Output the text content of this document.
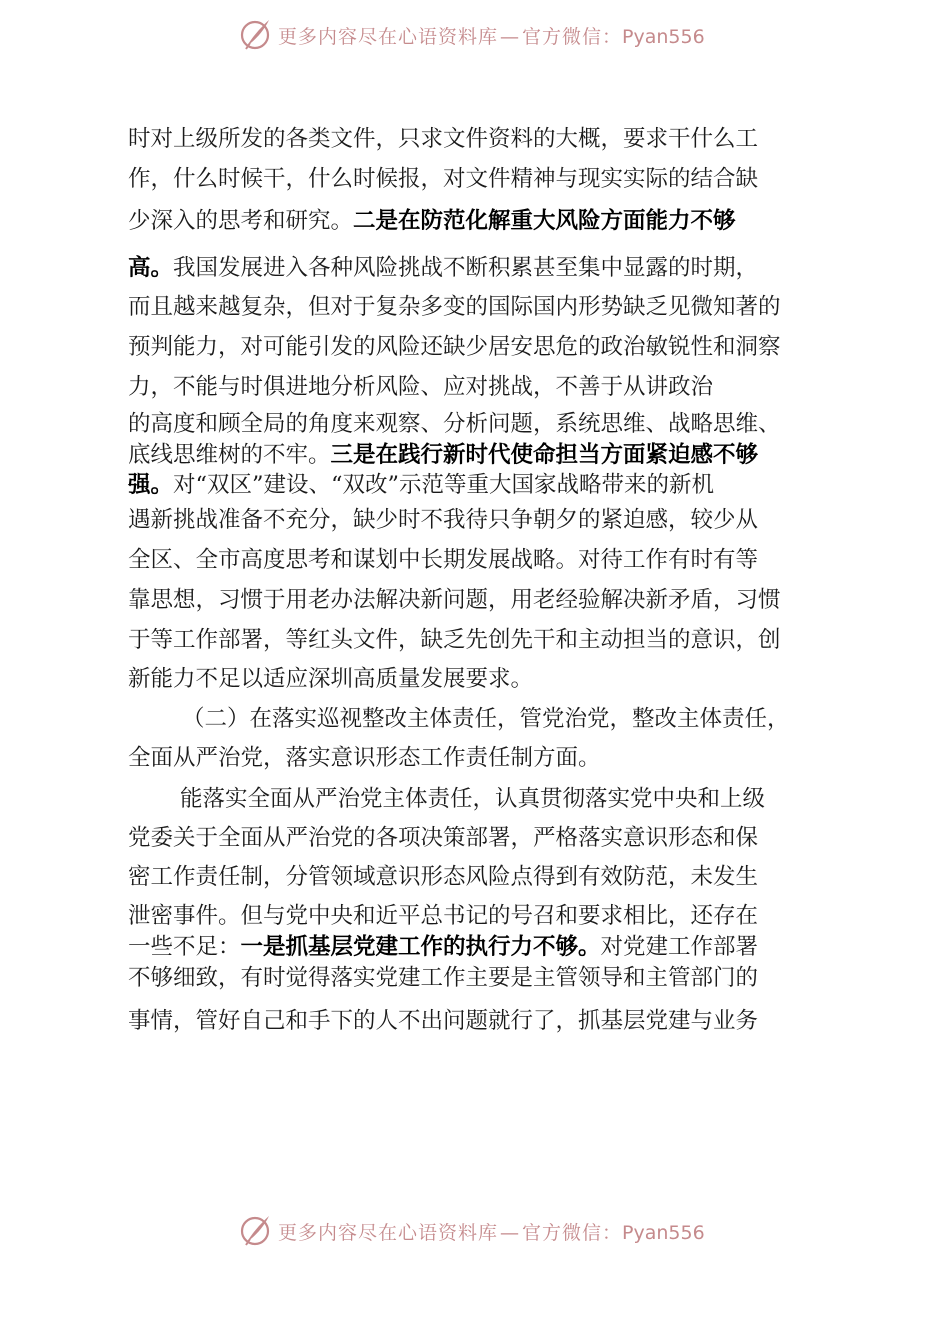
更多内容尽在心语资料库 — 官方微信：Pyan556
时对上级所发的各类文件，只求文件资料的大概，要求干什么工
作，什么时候干，什么时候报，对文件精神与现实实际的结合缺
少深入的思考和研究。二是在防范化解重大风险方面能力不够
高。我国发展进入各种风险挑战不断积累甚至集中显露的时期，
而且越来越复杂，但对于复杂多变的国际国内形势缺乏见微知著的
预判能力，对可能引发的风险还缺少居安思危的政治敏锐性和洞察
力，不能与时俱进地分析风险、应对挑战，不善于从讲政治
的高度和顾全局的角度来观察、分析问题，系统思维、战略思维、
底线思维树的不牢。三是在践行新时代使命担当方面紧迫感不够
强。对“双区”建设、“双改”示范等重大国家战略带来的新机
遇新挑战准备不充分，缺少时不我待只争朝夕的紧迫感，较少从
全区、全市高度思考和谋划中长期发展战略。对待工作有时有等
靠思想，习惯于用老办法解决新问题，用老经验解决新矛盾，习惯
于等工作部署，等红头文件，缺乏先创先干和主动担当的意识，创
新能力不足以适应深圳高质量发展要求。
（二）在落实巡视整改主体责任，管党治党，整改主体责任，
全面从严治党，落实意识形态工作责任制方面。
能落实全面从严治党主体责任，认真贯彻落实党中央和上级
党委关于全面从严治党的各项决策部署，严格落实意识形态和保
密工作责任制，分管领域意识形态风险点得到有效防范，未发生
泄密事件。但与党中央和近平总书记的号召和要求相比，还存在
一些不足：一是抓基层党建工作的执行力不够。对党建工作部署
不够细致，有时觉得落实党建工作主要是主管领导和主管部门的
事情，管好自己和手下的人不出问题就行了，抓基层党建与业务
更多内容尽在心语资料库 — 官方微信：Pyan556
